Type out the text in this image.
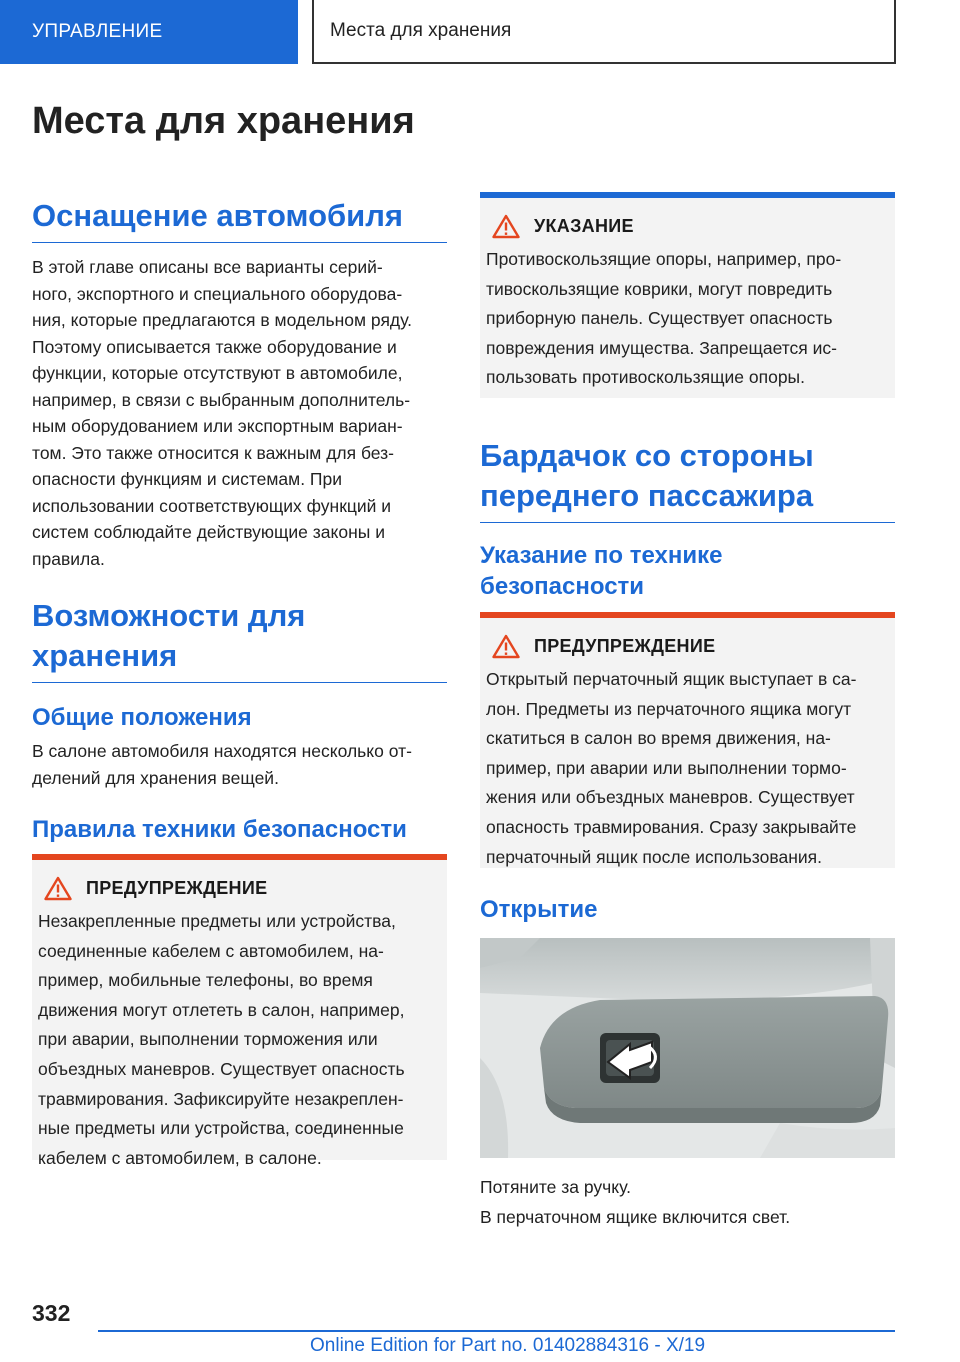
УПРАВЛЕНИЕ	Места для хранения
Места для хранения
Оснащение автомобиля

В этой главе описаны все варианты серий-
ного, экспортного и специального оборудова-
ния, которые предлагаются в модельном ряду.
Поэтому описывается также оборудование и
функции, которые отсутствуют в автомобиле,
например, в связи с выбранным дополнитель-
ным оборудованием или экспортным вариан-
том. Это также относится к важным для без-
опасности функциям и системам. При
использовании соответствующих функций и
систем соблюдайте действующие законы и
правила.

Возможности для
хранения
Общие положения

В салоне автомобиля находятся несколько от-
делений для хранения вещей.

Правила техники безопасности
ПРЕДУПРЕЖДЕНИЕ

Незакрепленные предметы или устройства,
соединенные кабелем с автомобилем, на-
пример, мобильные телефоны, во время
движения могут отлететь в салон, например,
при аварии, выполнении торможения или
объездных маневров. Существует опасность
травмирования. Зафиксируйте незакреплен-
ные предметы или устройства, соединенные
кабелем с автомобилем, в салоне.

УКАЗАНИЕ

Противоскользящие опоры, например, про-
тивоскользящие коврики, могут повредить
приборную панель. Существует опасность
повреждения имущества. Запрещается ис-
пользовать противоскользящие опоры.

Бардачок со стороны
переднего пассажира
Указание по технике
безопасности
ПРЕДУПРЕЖДЕНИЕ

Открытый перчаточный ящик выступает в са-
лон. Предметы из перчаточного ящика могут
скатиться в салон во время движения, на-
пример, при аварии или выполнении тормо-
жения или объездных маневров. Существует
опасность травмирования. Сразу закрывайте
перчаточный ящик после использования.

Открытие

Потяните за ручку.

В перчаточном ящике включится свет.

332
Online Edition for Part no. 01402884316 - X/19
